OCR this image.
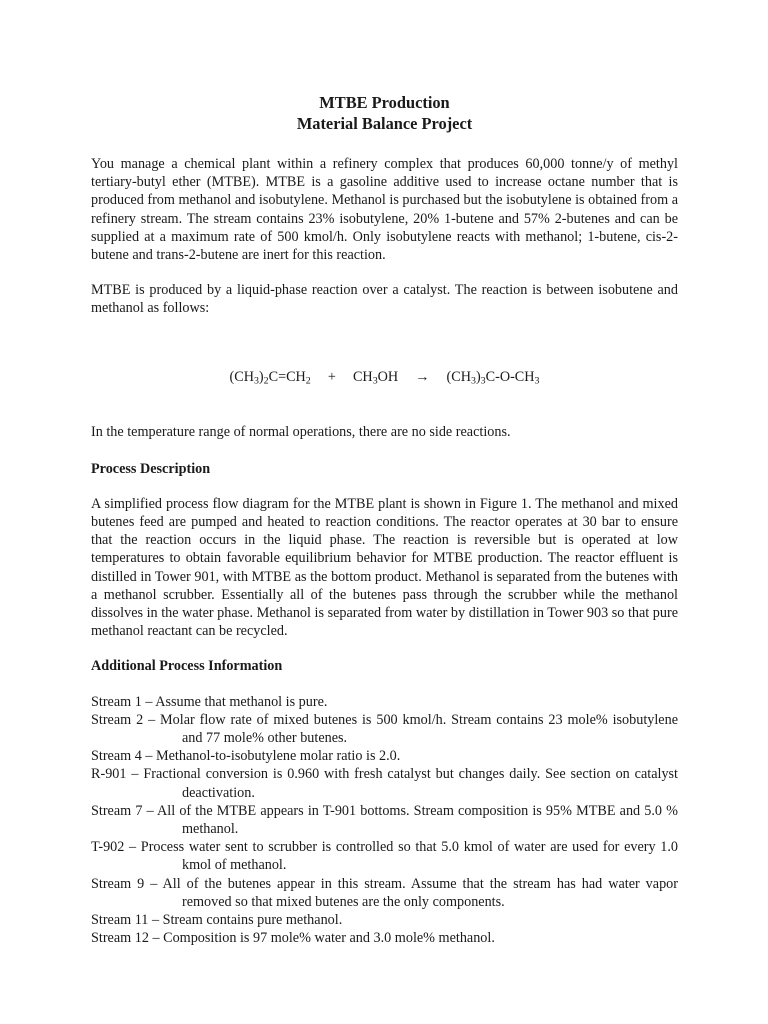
MTBE Production
Material Balance Project

You manage a chemical plant within a refinery complex that produces 60,000 tonne/y of methyl tertiary-butyl ether (MTBE). MTBE is a gasoline additive used to increase octane number that is produced from methanol and isobutylene. Methanol is purchased but the isobutylene is obtained from a refinery stream. The stream contains 23% isobutylene, 20% 1-butene and 57% 2-butenes and can be supplied at a maximum rate of 500 kmol/h. Only isobutylene reacts with methanol; 1-butene, cis-2-butene and trans-2-butene are inert for this reaction.

MTBE is produced by a liquid-phase reaction over a catalyst. The reaction is between isobutene and methanol as follows:

$(CH_3)_2C=CH_2 + CH_3OH \to (CH_3)_3C-O-CH_3$

In the temperature range of normal operations, there are no side reactions.

Process Description

A simplified process flow diagram for the MTBE plant is shown in Figure 1. The methanol and mixed butenes feed are pumped and heated to reaction conditions. The reactor operates at 30 bar to ensure that the reaction occurs in the liquid phase. The reaction is reversible but is operated at low temperatures to obtain favorable equilibrium behavior for MTBE production. The reactor effluent is distilled in Tower 901, with MTBE as the bottom product. Methanol is separated from the butenes with a methanol scrubber. Essentially all of the butenes pass through the scrubber while the methanol dissolves in the water phase. Methanol is separated from water by distillation in Tower 903 so that pure methanol reactant can be recycled.

Additional Process Information

Stream 1 – Assume that methanol is pure.

Stream 2 – Molar flow rate of mixed butenes is 500 kmol/h. Stream contains 23 mole% isobutylene and 77 mole% other butenes.

Stream 4 – Methanol-to-isobutylene molar ratio is 2.0.

R-901 – Fractional conversion is 0.960 with fresh catalyst but changes daily. See section on catalyst deactivation.

Stream 7 – All of the MTBE appears in T-901 bottoms. Stream composition is 95% MTBE and 5.0 % methanol.

T-902 – Process water sent to scrubber is controlled so that 5.0 kmol of water are used for every 1.0 kmol of methanol.

Stream 9 – All of the butenes appear in this stream. Assume that the stream has had water vapor removed so that mixed butenes are the only components.

Stream 11 – Stream contains pure methanol.

Stream 12 – Composition is 97 mole% water and 3.0 mole% methanol.
